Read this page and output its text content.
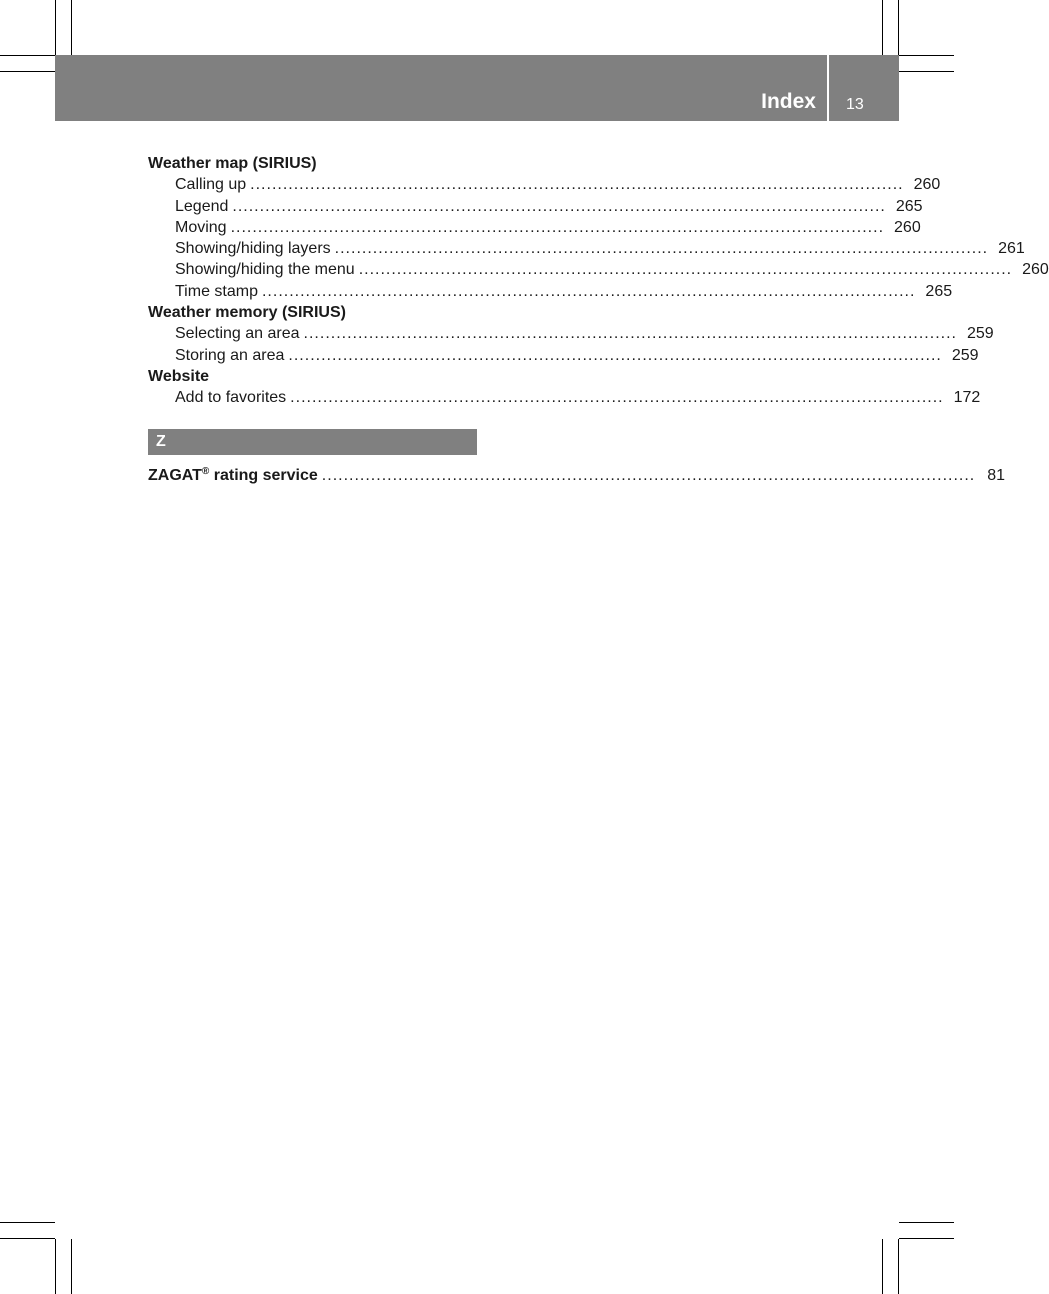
Index 13
Weather map (SIRIUS)
Calling up ........................................................................................................................ 260
Legend ........................................................................................................................ 265
Moving ........................................................................................................................ 260
Showing/hiding layers ........................................................................................................................ 261
Showing/hiding the menu ........................................................................................................................ 260
Time stamp ........................................................................................................................ 265
Weather memory (SIRIUS)
Selecting an area ........................................................................................................................ 259
Storing an area ........................................................................................................................ 259
Website
Add to favorites ........................................................................................................................ 172
Z
ZAGAT® rating service ........................................................................................................................ 81
